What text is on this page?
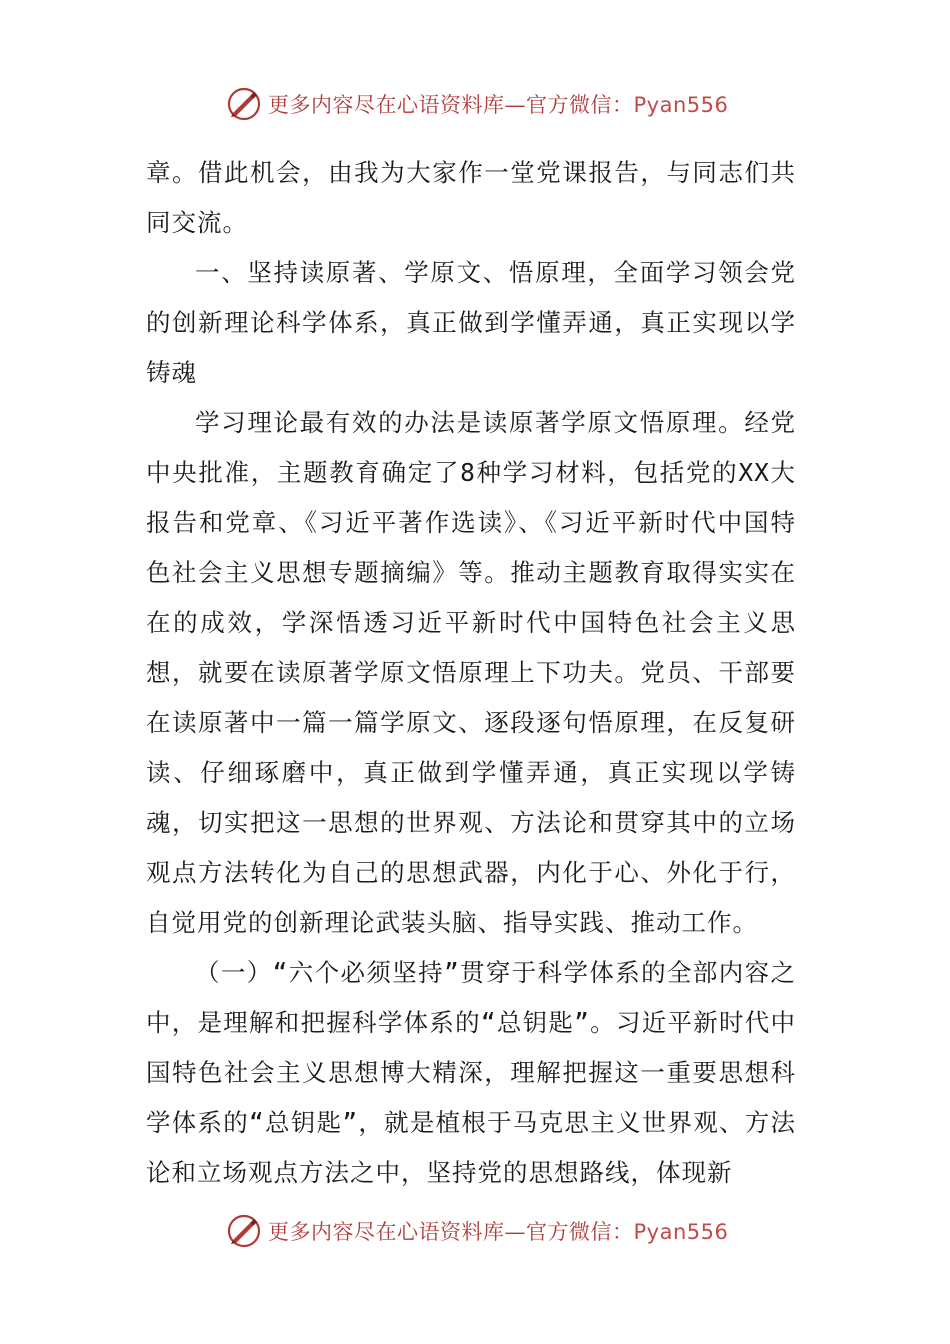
更多内容尽在心语资料库—官方微信：Pyan556

章。借此机会，由我为大家作一堂党课报告，与同志们共同交流。

一、坚持读原著、学原文、悟原理，全面学习领会党的创新理论科学体系，真正做到学懂弄通，真正实现以学铸魂

学习理论最有效的办法是读原著学原文悟原理。经党中央批准，主题教育确定了8种学习材料，包括党的XX大报告和党章、《习近平著作选读》、《习近平新时代中国特色社会主义思想专题摘编》等。推动主题教育取得实实在在的成效，学深悟透习近平新时代中国特色社会主义思想，就要在读原著学原文悟原理上下功夫。党员、干部要在读原著中一篇一篇学原文、逐段逐句悟原理，在反复研读、仔细琢磨中，真正做到学懂弄通，真正实现以学铸魂，切实把这一思想的世界观、方法论和贯穿其中的立场观点方法转化为自己的思想武器，内化于心、外化于行，自觉用党的创新理论武装头脑、指导实践、推动工作。

（一）“六个必须坚持”贯穿于科学体系的全部内容之中，是理解和把握科学体系的“总钥匙”。习近平新时代中国特色社会主义思想博大精深，理解把握这一重要思想科学体系的“总钥匙”，就是植根于马克思主义世界观、方法论和立场观点方法之中，坚持党的思想路线，体现新

更多内容尽在心语资料库—官方微信：Pyan556
